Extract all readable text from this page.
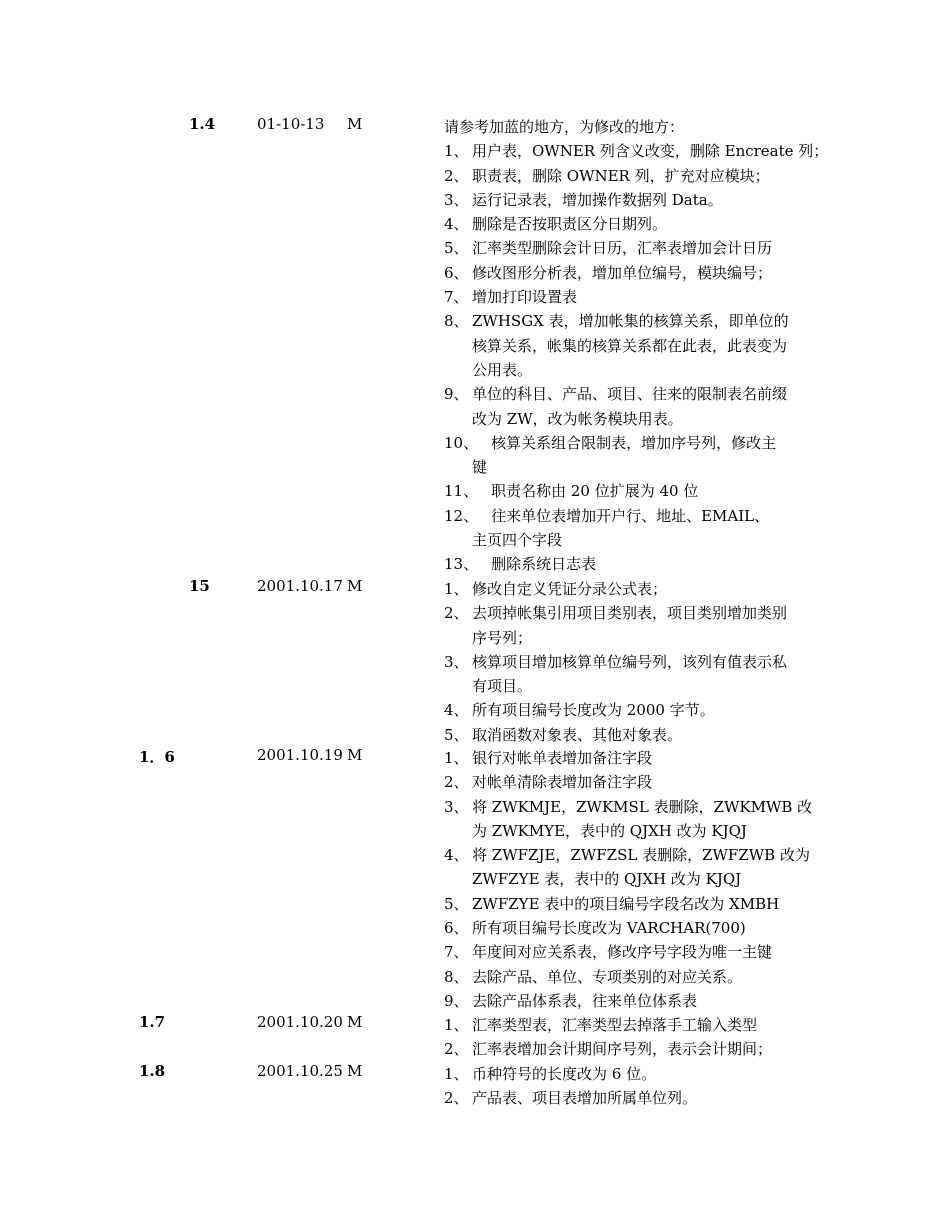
1.4	01-10-13 M	请参考加蓝的地方，为修改的地方：
1、 用户表，OWNER 列含义改变，删除 Encreate 列；
2、 职责表，删除 OWNER 列，扩充对应模块；
3、 运行记录表，增加操作数据列 Data。
4、 删除是否按职责区分日期列。
5、 汇率类型删除会计日历，汇率表增加会计日历
6、 修改图形分析表，增加单位编号，模块编号；
7、 增加打印设置表
8、 ZWHSGX 表，增加帐集的核算关系，即单位的
核算关系，帐集的核算关系都在此表，此表变为
公用表。
9、 单位的科目、产品、项目、往来的限制表名前缀
改为 ZW，改为帐务模块用表。
10、    核算关系组合限制表，增加序号列，修改主
键
11、    职责名称由 20 位扩展为 40 位
12、    往来单位表增加开户行、地址、EMAIL、
主页四个字段
13、    删除系统日志表
15	2001.10.17 M	1、 修改自定义凭证分录公式表；
2、 去项掉帐集引用项目类别表，项目类别增加类别
序号列；
3、 核算项目增加核算单位编号列，该列有值表示私
有项目。
4、 所有项目编号长度改为 2000 字节。
5、 取消函数对象表、其他对象表。
1．6	2001.10.19 M	1、 银行对帐单表增加备注字段
2、 对帐单清除表增加备注字段
3、 将 ZWKMJE，ZWKMSL 表删除，ZWKMWB 改
为 ZWKMYE，表中的 QJXH 改为 KJQJ
4、 将 ZWFZJE，ZWFZSL 表删除，ZWFZWB 改为
ZWFZYE 表，表中的 QJXH 改为 KJQJ
5、 ZWFZYE 表中的项目编号字段名改为 XMBH
6、 所有项目编号长度改为 VARCHAR(700)
7、 年度间对应关系表，修改序号字段为唯一主键
8、 去除产品、单位、专项类别的对应关系。
9、 去除产品体系表，往来单位体系表
1.7	2001.10.20 M	1、 汇率类型表，汇率类型去掉落手工输入类型
2、 汇率表增加会计期间序号列，表示会计期间；
1.8	2001.10.25 M	1、 币种符号的长度改为 6 位。
2、 产品表、项目表增加所属单位列。
